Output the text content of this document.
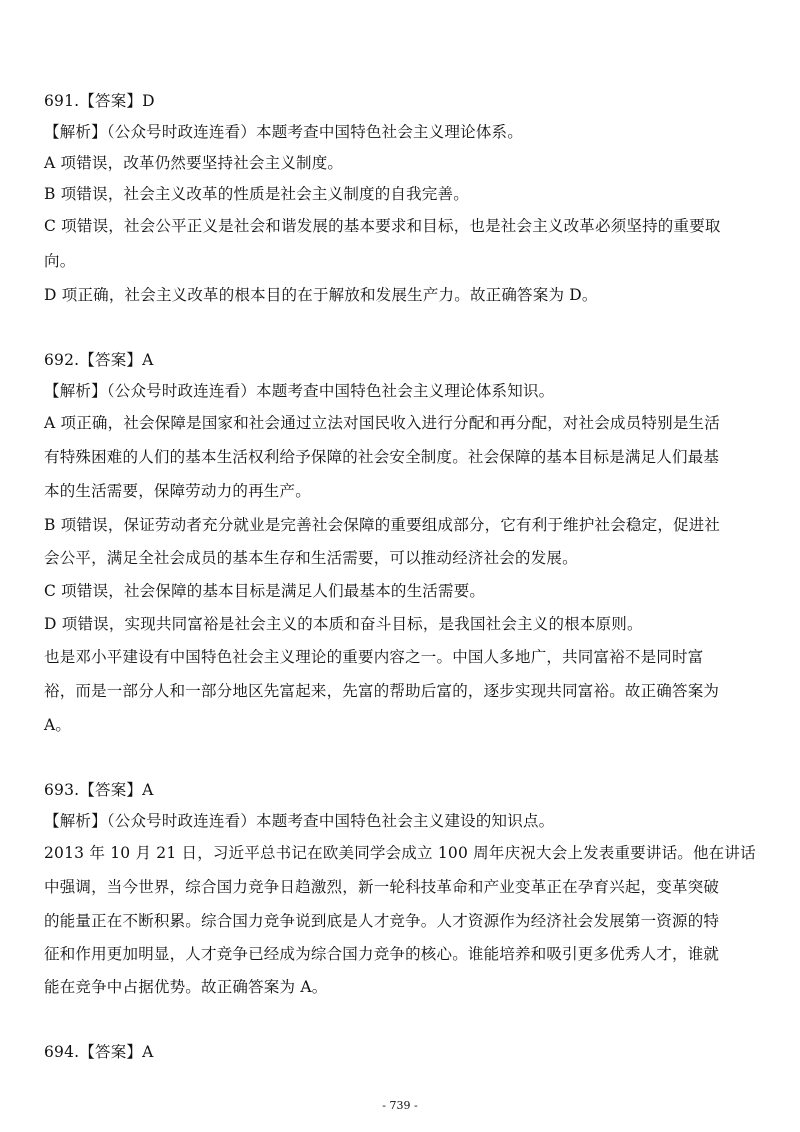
691.【答案】D
【解析】（公众号时政连连看）本题考查中国特色社会主义理论体系。
A 项错误，改革仍然要坚持社会主义制度。
B 项错误，社会主义改革的性质是社会主义制度的自我完善。
C 项错误，社会公平正义是社会和谐发展的基本要求和目标，也是社会主义改革必须坚持的重要取
向。
D 项正确，社会主义改革的根本目的在于解放和发展生产力。故正确答案为 D。
692.【答案】A
【解析】（公众号时政连连看）本题考查中国特色社会主义理论体系知识。
A 项正确，社会保障是国家和社会通过立法对国民收入进行分配和再分配，对社会成员特别是生活
有特殊困难的人们的基本生活权利给予保障的社会安全制度。社会保障的基本目标是满足人们最基
本的生活需要，保障劳动力的再生产。
B 项错误，保证劳动者充分就业是完善社会保障的重要组成部分，它有利于维护社会稳定，促进社
会公平，满足全社会成员的基本生存和生活需要，可以推动经济社会的发展。
C 项错误，社会保障的基本目标是满足人们最基本的生活需要。
D 项错误，实现共同富裕是社会主义的本质和奋斗目标，是我国社会主义的根本原则。
也是邓小平建设有中国特色社会主义理论的重要内容之一。中国人多地广，共同富裕不是同时富
裕，而是一部分人和一部分地区先富起来，先富的帮助后富的，逐步实现共同富裕。故正确答案为
A。
693.【答案】A
【解析】（公众号时政连连看）本题考查中国特色社会主义建设的知识点。
2013 年 10 月 21 日，习近平总书记在欧美同学会成立 100 周年庆祝大会上发表重要讲话。他在讲话
中强调，当今世界，综合国力竞争日趋激烈，新一轮科技革命和产业变革正在孕育兴起，变革突破
的能量正在不断积累。综合国力竞争说到底是人才竞争。人才资源作为经济社会发展第一资源的特
征和作用更加明显，人才竞争已经成为综合国力竞争的核心。谁能培养和吸引更多优秀人才，谁就
能在竞争中占据优势。故正确答案为 A。
694.【答案】A
- 739 -
